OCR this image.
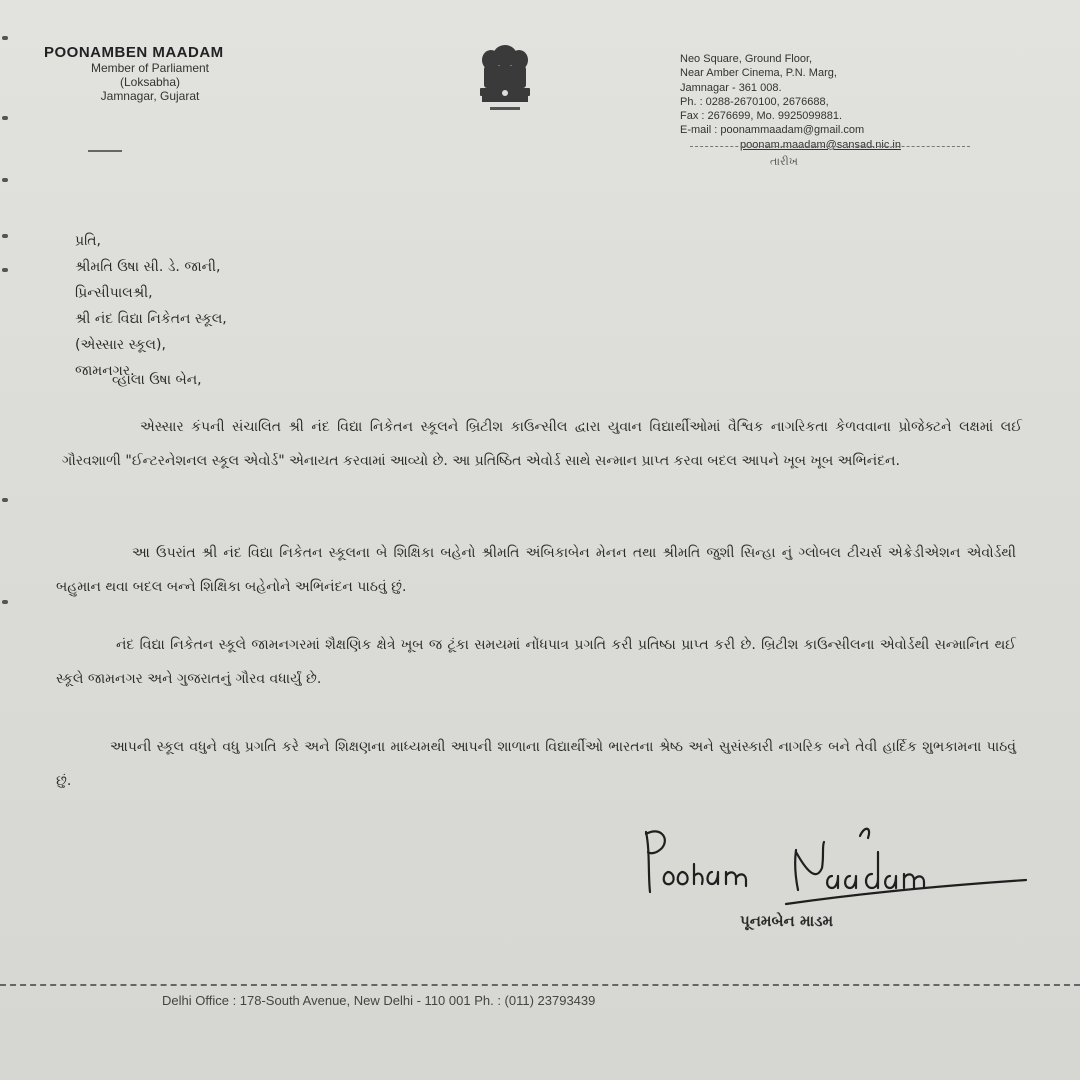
POONAMBEN MAADAM
Member of Parliament
(Loksabha)
Jamnagar, Gujarat
Neo Square, Ground Floor,
Near Amber Cinema, P.N. Marg,
Jamnagar - 361 008.
Ph. : 0288-2670100, 2676688,
Fax : 2676699, Mo. 9925099881.
E-mail : poonammaadam@gmail.com
poonam.maadam@sansad.nic.in
તારીખ
પ્રતિ,
શ્રીમતિ ઉષા સી. ડે. જાની,
પ્રિન્સીપાલશ્રી,
શ્રી નંદ વિદ્યા નિકેતન સ્કૂલ,
(એસ્સાર સ્કૂલ),
જામનગર.
વ્હાલા ઉષા બેન,
એસ્સાર કંપની સંચાલિત શ્રી નંદ વિદ્યા નિકેતન સ્કૂલને બ્રિટીશ કાઉન્સીલ દ્વારા યુવાન વિદ્યાર્થીઓમાં વૈશ્વિક નાગરિકતા કેળવવાના પ્રોજેક્ટને લક્ષમાં લઈ ગૌરવશાળી "ઈન્ટરનેશનલ સ્કૂલ એવોર્ડ" એનાયત કરવામાં આવ્યો છે. આ પ્રતિષ્ઠિત એવોર્ડ સાથે સન્માન પ્રાપ્ત કરવા બદલ આપને ખૂબ ખૂબ અભિનંદન.
આ ઉપરાંત શ્રી નંદ વિદ્યા નિકેતન સ્કૂલના બે શિક્ષિકા બહેનો શ્રીમતિ અંબિકાબેન મેનન તથા શ્રીમતિ જુશી સિન્હા નું ગ્લોબલ ટીચર્સ એક્રેડીએશન એવોર્ડથી બહુમાન થવા બદલ બન્ને શિક્ષિકા બહેનોને અભિનંદન પાઠવું છું.
નંદ વિદ્યા નિકેતન સ્કૂલે જામનગરમાં શૈક્ષણિક ક્ષેત્રે ખૂબ જ ટૂંકા સમયમાં નોંધપાત્ર પ્રગતિ કરી પ્રતિષ્ઠા પ્રાપ્ત કરી છે. બ્રિટીશ કાઉન્સીલના એવોર્ડથી સન્માનિત થઈ સ્કૂલે જામનગર અને ગુજરાતનું ગૌરવ વધાર્યું છે.
આપની સ્કૂલ વધુને વધુ પ્રગતિ કરે અને શિક્ષણના માધ્યમથી આપની શાળાના વિદ્યાર્થીઓ ભારતના શ્રેષ્ઠ અને સુસંસ્કારી નાગરિક બને તેવી હાર્દિક શુભકામના પાઠવું છું.
પૂનમબેન માડમ
Delhi Office : 178-South Avenue, New Delhi - 110 001 Ph. : (011) 23793439
